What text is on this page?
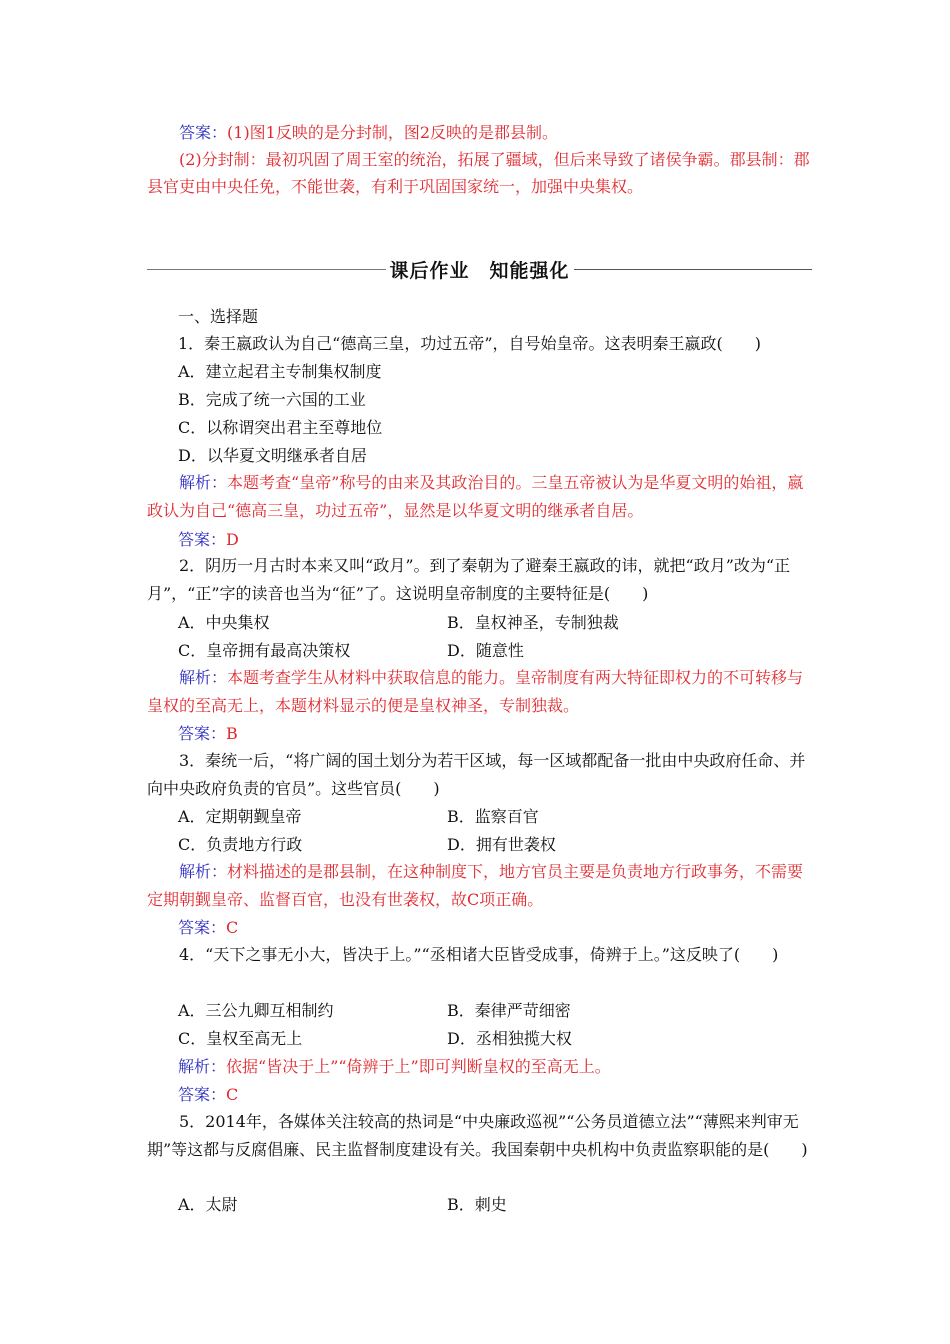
答案：(1)图1反映的是分封制，图2反映的是郡县制。

(2)分封制：最初巩固了周王室的统治，拓展了疆域，但后来导致了诸侯争霸。郡县制：郡县官吏由中央任免，不能世袭，有利于巩固国家统一，加强中央集权。

课后作业　知能强化
一、选择题
1．秦王嬴政认为自己“德高三皇，功过五帝”，自号始皇帝。这表明秦王嬴政(　　)
A．建立起君主专制集权制度
B．完成了统一六国的工业
C．以称谓突出君主至尊地位
D．以华夏文明继承者自居

解析：本题考查“皇帝”称号的由来及其政治目的。三皇五帝被认为是华夏文明的始祖，嬴政认为自己“德高三皇，功过五帝”，显然是以华夏文明的继承者自居。

答案：D

2．阴历一月古时本来又叫“政月”。到了秦朝为了避秦王嬴政的讳，就把“政月”改为“正月”，“正”字的读音也当为“征”了。这说明皇帝制度的主要特征是(　　)

A．中央集权	B．皇权神圣，专制独裁
C．皇帝拥有最高决策权	D．随意性

解析：本题考查学生从材料中获取信息的能力。皇帝制度有两大特征即权力的不可转移与皇权的至高无上，本题材料显示的便是皇权神圣，专制独裁。

答案：B

3．秦统一后，“将广阔的国土划分为若干区域，每一区域都配备一批由中央政府任命、并向中央政府负责的官员”。这些官员(　　)

A．定期朝觐皇帝	B．监察百官
C．负责地方行政	D．拥有世袭权

解析：材料描述的是郡县制，在这种制度下，地方官员主要是负责地方行政事务，不需要定期朝觐皇帝、监督百官，也没有世袭权，故C项正确。

答案：C

4．“天下之事无小大，皆决于上。”“丞相诸大臣皆受成事，倚辨于上。”这反映了(　　)

A．三公九卿互相制约	B．秦律严苛细密
C．皇权至高无上	D．丞相独揽大权
解析：依据“皆决于上”“倚辨于上”即可判断皇权的至高无上。
答案：C

5．2014年，各媒体关注较高的热词是“中央廉政巡视”“公务员道德立法”“薄熙来判审无期”等这都与反腐倡廉、民主监督制度建设有关。我国秦朝中央机构中负责监察职能的是(　　)

A．太尉	B．刺史
